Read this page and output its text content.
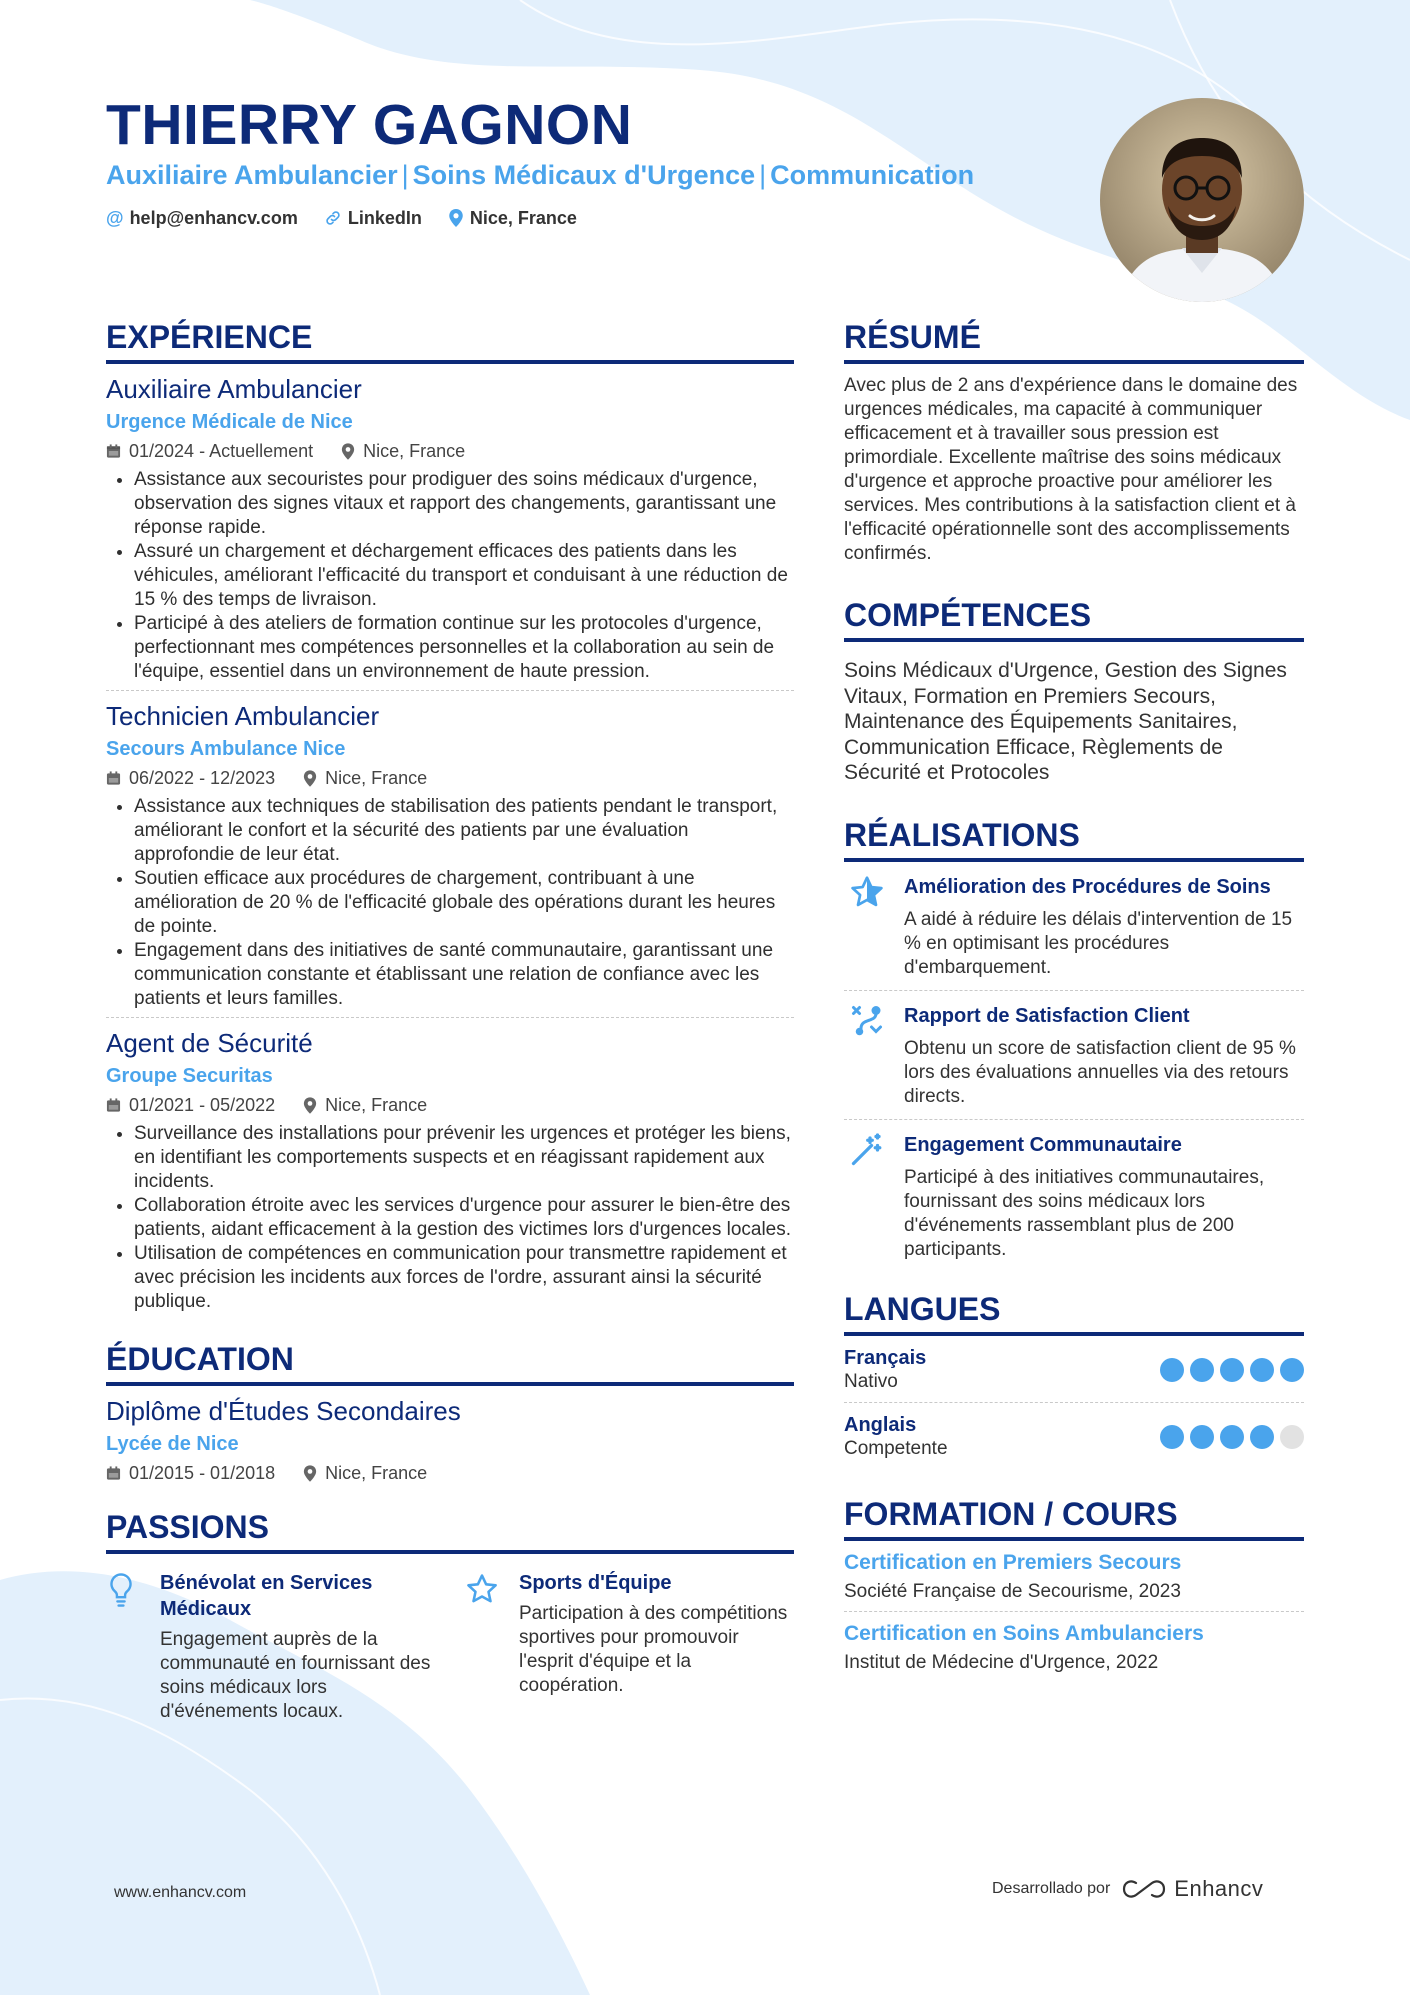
THIERRY GAGNON
Auxiliaire Ambulancier | Soins Médicaux d'Urgence | Communication
@ help@enhancv.com	LinkedIn	Nice, France
EXPÉRIENCE
Auxiliaire Ambulancier
Urgence Médicale de Nice
01/2024 - Actuellement	Nice, France
• Assistance aux secouristes pour prodiguer des soins médicaux d'urgence, observation des signes vitaux et rapport des changements, garantissant une réponse rapide.
• Assuré un chargement et déchargement efficaces des patients dans les véhicules, améliorant l'efficacité du transport et conduisant à une réduction de 15 % des temps de livraison.
• Participé à des ateliers de formation continue sur les protocoles d'urgence, perfectionnant mes compétences personnelles et la collaboration au sein de l'équipe, essentiel dans un environnement de haute pression.
Technicien Ambulancier
Secours Ambulance Nice
06/2022 - 12/2023	Nice, France
• Assistance aux techniques de stabilisation des patients pendant le transport, améliorant le confort et la sécurité des patients par une évaluation approfondie de leur état.
• Soutien efficace aux procédures de chargement, contribuant à une amélioration de 20 % de l'efficacité globale des opérations durant les heures de pointe.
• Engagement dans des initiatives de santé communautaire, garantissant une communication constante et établissant une relation de confiance avec les patients et leurs familles.
Agent de Sécurité
Groupe Securitas
01/2021 - 05/2022	Nice, France
• Surveillance des installations pour prévenir les urgences et protéger les biens, en identifiant les comportements suspects et en réagissant rapidement aux incidents.
• Collaboration étroite avec les services d'urgence pour assurer le bien-être des patients, aidant efficacement à la gestion des victimes lors d'urgences locales.
• Utilisation de compétences en communication pour transmettre rapidement et avec précision les incidents aux forces de l'ordre, assurant ainsi la sécurité publique.
ÉDUCATION
Diplôme d'Études Secondaires
Lycée de Nice
01/2015 - 01/2018	Nice, France
PASSIONS
Bénévolat en Services Médicaux
Engagement auprès de la communauté en fournissant des soins médicaux lors d'événements locaux.
Sports d'Équipe
Participation à des compétitions sportives pour promouvoir l'esprit d'équipe et la coopération.
RÉSUMÉ
Avec plus de 2 ans d'expérience dans le domaine des urgences médicales, ma capacité à communiquer efficacement et à travailler sous pression est primordiale. Excellente maîtrise des soins médicaux d'urgence et approche proactive pour améliorer les services. Mes contributions à la satisfaction client et à l'efficacité opérationnelle sont des accomplissements confirmés.
COMPÉTENCES
Soins Médicaux d'Urgence, Gestion des Signes Vitaux, Formation en Premiers Secours, Maintenance des Équipements Sanitaires, Communication Efficace, Règlements de Sécurité et Protocoles
RÉALISATIONS
Amélioration des Procédures de Soins
A aidé à réduire les délais d'intervention de 15 % en optimisant les procédures d'embarquement.
Rapport de Satisfaction Client
Obtenu un score de satisfaction client de 95 % lors des évaluations annuelles via des retours directs.
Engagement Communautaire
Participé à des initiatives communautaires, fournissant des soins médicaux lors d'événements rassemblant plus de 200 participants.
LANGUES
Français
Nativo
Anglais
Competente
FORMATION / COURS
Certification en Premiers Secours
Société Française de Secourisme, 2023
Certification en Soins Ambulanciers
Institut de Médecine d'Urgence, 2022
www.enhancv.com	Desarrollado por	Enhancv
